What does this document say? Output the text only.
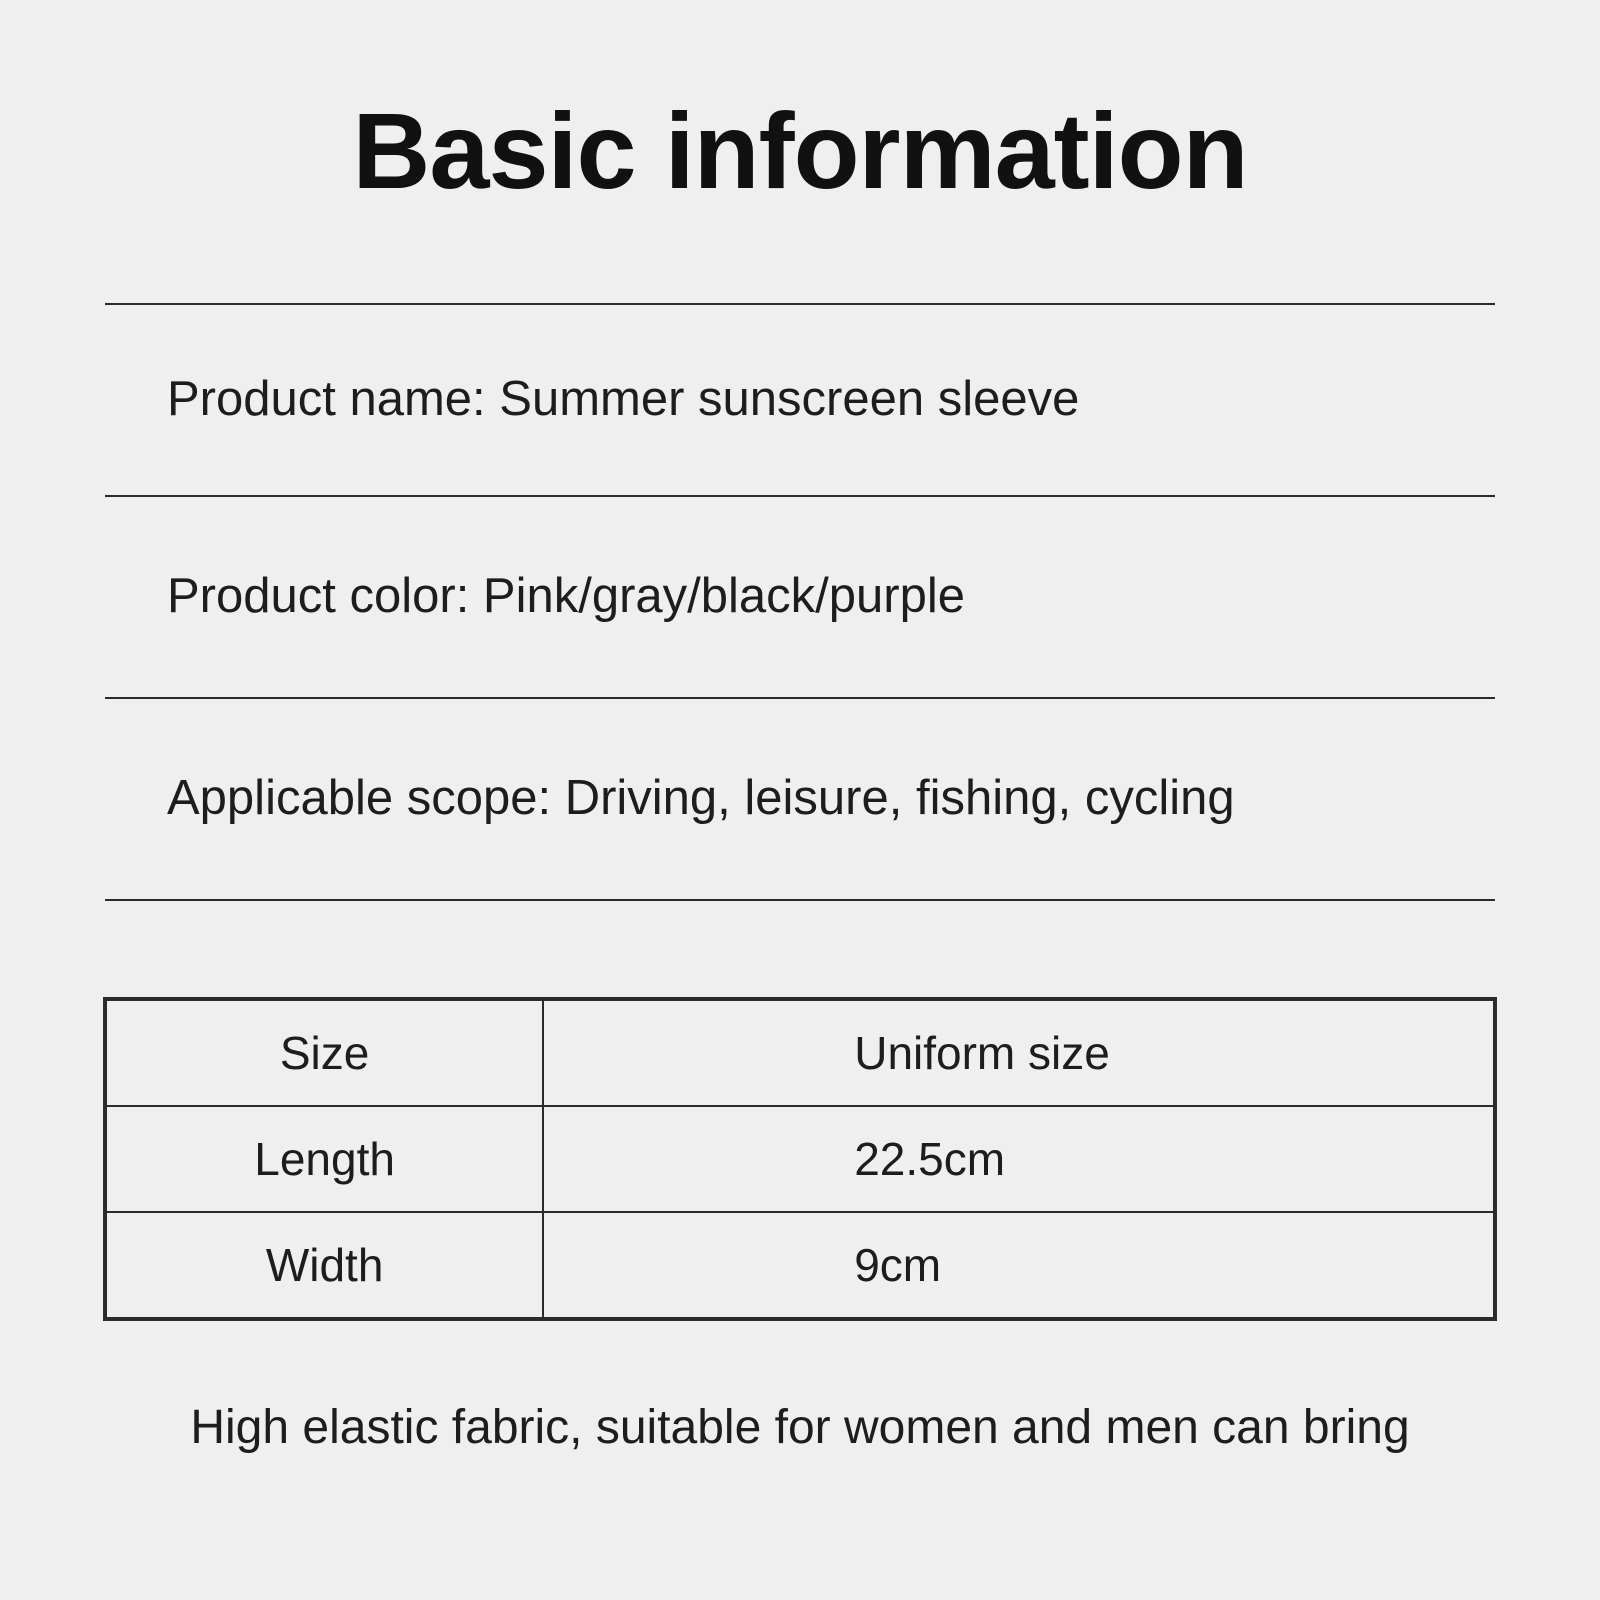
Basic information
Product name: Summer sunscreen sleeve
Product color: Pink/gray/black/purple
Applicable scope: Driving, leisure, fishing, cycling
Size	Uniform size
Length	22.5cm
Width	9cm
High elastic fabric, suitable for women and men can bring
